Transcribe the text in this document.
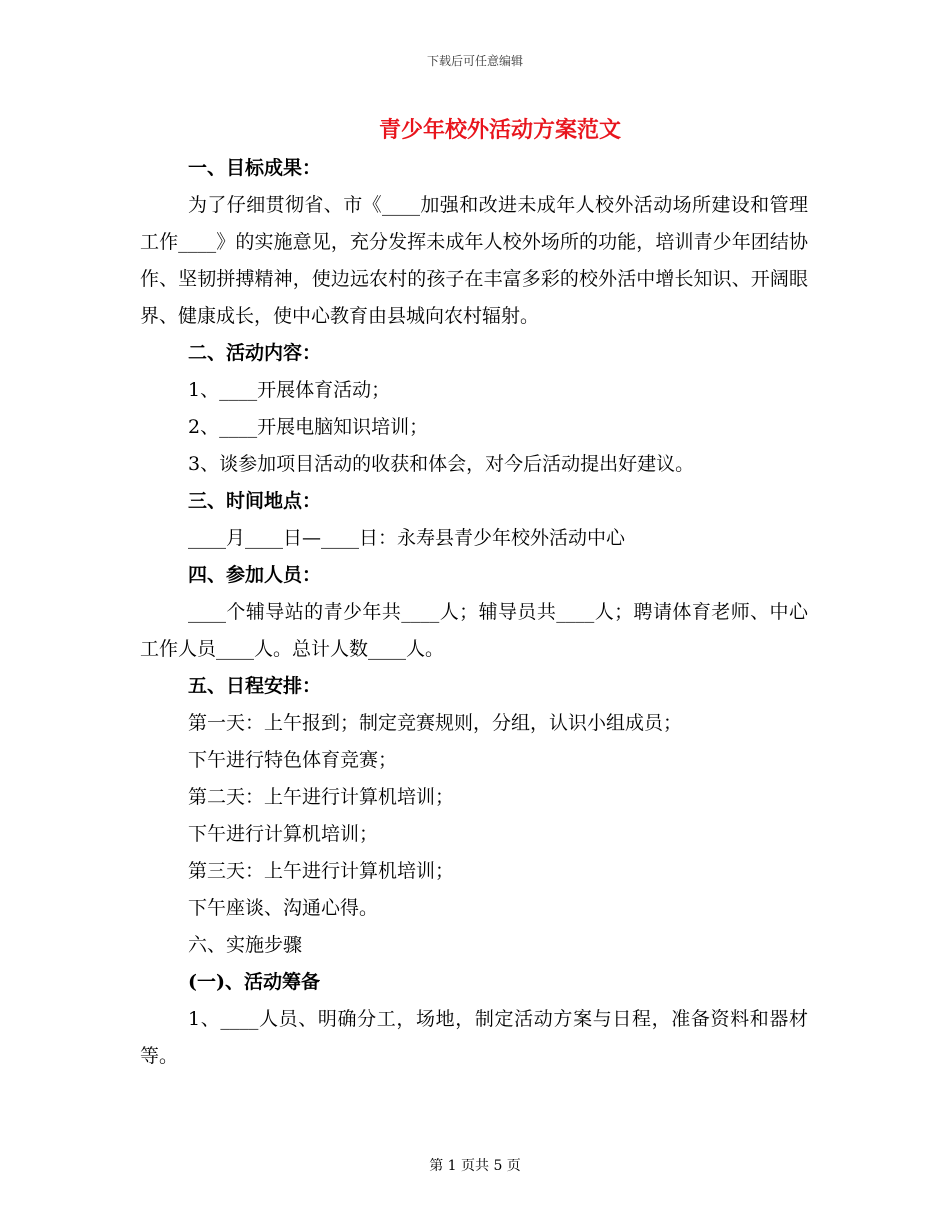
下载后可任意编辑
青少年校外活动方案范文
一、目标成果：

为了仔细贯彻省、市《____加强和改进未成年人校外活动场所建设和管理工作____》的实施意见，充分发挥未成年人校外场所的功能，培训青少年团结协作、坚韧拼搏精神，使边远农村的孩子在丰富多彩的校外活中增长知识、开阔眼界、健康成长，使中心教育由县城向农村辐射。

二、活动内容：
1、____开展体育活动；
2、____开展电脑知识培训；
3、谈参加项目活动的收获和体会，对今后活动提出好建议。
三、时间地点：
____月____日—____日：永寿县青少年校外活动中心
四、参加人员：

____个辅导站的青少年共____人；辅导员共____人；聘请体育老师、中心工作人员____人。总计人数____人。

五、日程安排：
第一天：上午报到；制定竞赛规则，分组，认识小组成员；
下午进行特色体育竞赛；
第二天：上午进行计算机培训；
下午进行计算机培训；
第三天：上午进行计算机培训；
下午座谈、沟通心得。
六、实施步骤
(一)、活动筹备

1、____人员、明确分工，场地，制定活动方案与日程，准备资料和器材等。

第 1 页共 5 页
